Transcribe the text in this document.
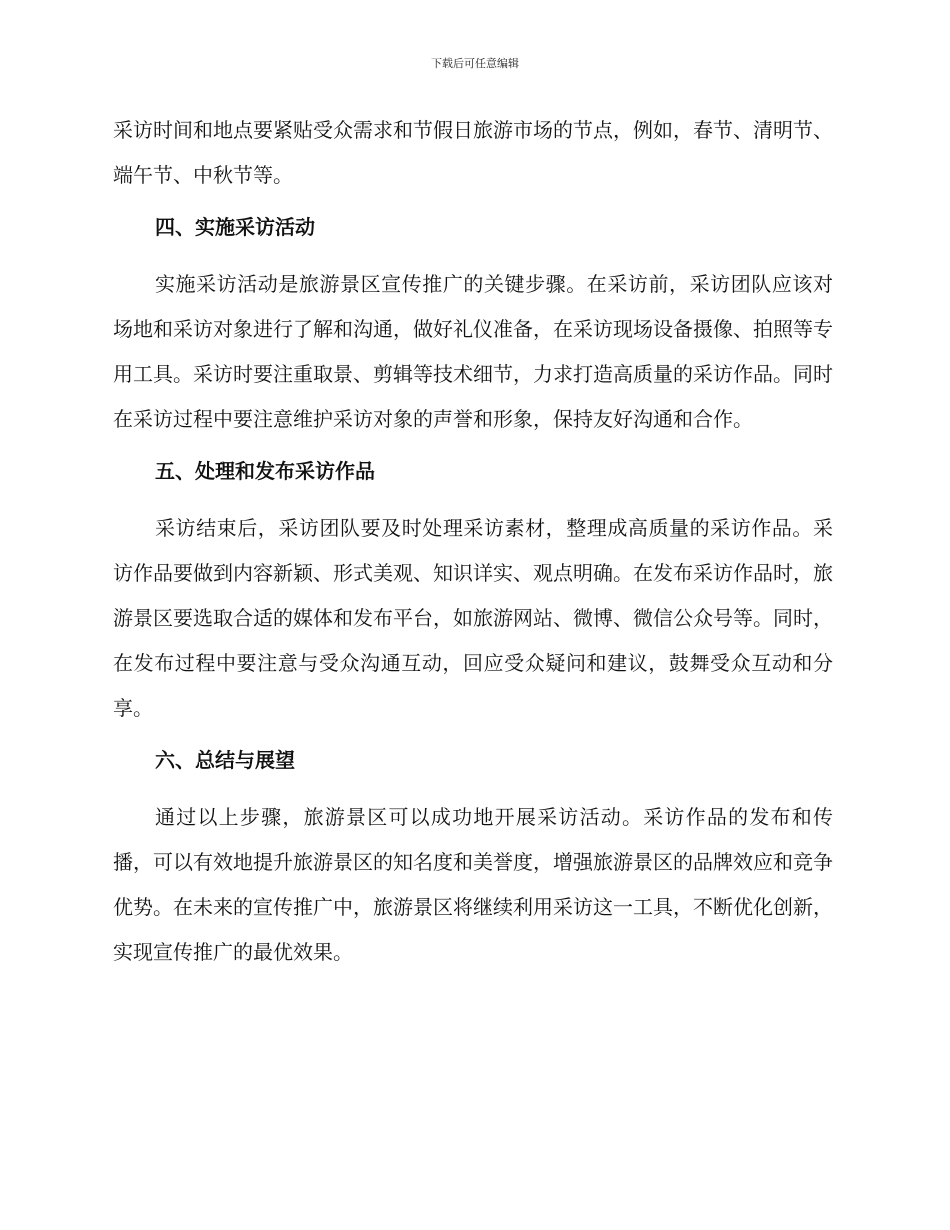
下载后可任意编辑

采访时间和地点要紧贴受众需求和节假日旅游市场的节点，例如，春节、清明节、端午节、中秋节等。

四、实施采访活动

实施采访活动是旅游景区宣传推广的关键步骤。在采访前，采访团队应该对场地和采访对象进行了解和沟通，做好礼仪准备，在采访现场设备摄像、拍照等专用工具。采访时要注重取景、剪辑等技术细节，力求打造高质量的采访作品。同时在采访过程中要注意维护采访对象的声誉和形象，保持友好沟通和合作。

五、处理和发布采访作品

采访结束后，采访团队要及时处理采访素材，整理成高质量的采访作品。采访作品要做到内容新颖、形式美观、知识详实、观点明确。在发布采访作品时，旅游景区要选取合适的媒体和发布平台，如旅游网站、微博、微信公众号等。同时，在发布过程中要注意与受众沟通互动，回应受众疑问和建议，鼓舞受众互动和分享。

六、总结与展望

通过以上步骤，旅游景区可以成功地开展采访活动。采访作品的发布和传播，可以有效地提升旅游景区的知名度和美誉度，增强旅游景区的品牌效应和竞争优势。在未来的宣传推广中，旅游景区将继续利用采访这一工具，不断优化创新，实现宣传推广的最优效果。
